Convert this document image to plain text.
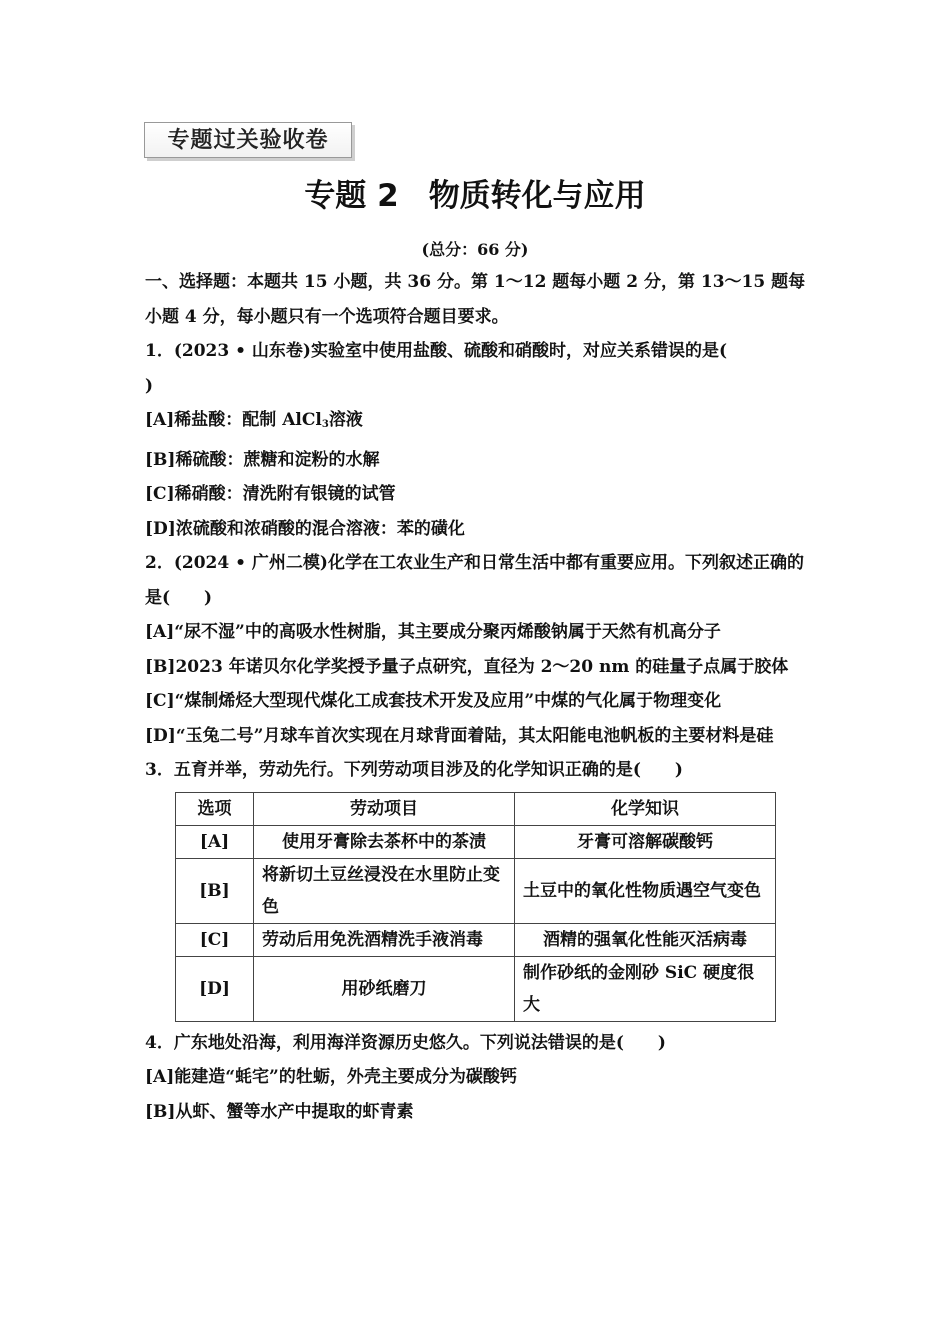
专题过关验收卷
专题 2 物质转化与应用
(总分：66 分)

一、选择题：本题共 15 小题，共 36 分。第 1～12 题每小题 2 分，第 13～15 题每小题 4 分，每小题只有一个选项符合题目要求。

1．(2023 • 山东卷)实验室中使用盐酸、硫酸和硝酸时，对应关系错误的是(
)

[A]稀盐酸：配制 AlCl$_3$溶液

[B]稀硫酸：蔗糖和淀粉的水解

[C]稀硝酸：清洗附有银镜的试管

[D]浓硫酸和浓硝酸的混合溶液：苯的磺化

2．(2024 • 广州二模)化学在工农业生产和日常生活中都有重要应用。下列叙述正确的是(　　)

[A]“尿不湿”中的高吸水性树脂，其主要成分聚丙烯酸钠属于天然有机高分子

[B]2023 年诺贝尔化学奖授予量子点研究，直径为 2～20 nm 的硅量子点属于胶体

[C]“煤制烯烃大型现代煤化工成套技术开发及应用”中煤的气化属于物理变化

[D]“玉兔二号”月球车首次实现在月球背面着陆，其太阳能电池帆板的主要材料是硅

3．五育并举，劳动先行。下列劳动项目涉及的化学知识正确的是(　　)

选项	劳动项目	化学知识
[A]	使用牙膏除去茶杯中的茶渍	牙膏可溶解碳酸钙
[B]	将新切土豆丝浸没在水里防止变色	土豆中的氧化性物质遇空气变色
[C]	劳动后用免洗酒精洗手液消毒	酒精的强氧化性能灭活病毒
[D]	用砂纸磨刀	制作砂纸的金刚砂 SiC 硬度很大

4．广东地处沿海，利用海洋资源历史悠久。下列说法错误的是(　　)

[A]能建造“蚝宅”的牡蛎，外壳主要成分为碳酸钙

[B]从虾、蟹等水产中提取的虾青素
